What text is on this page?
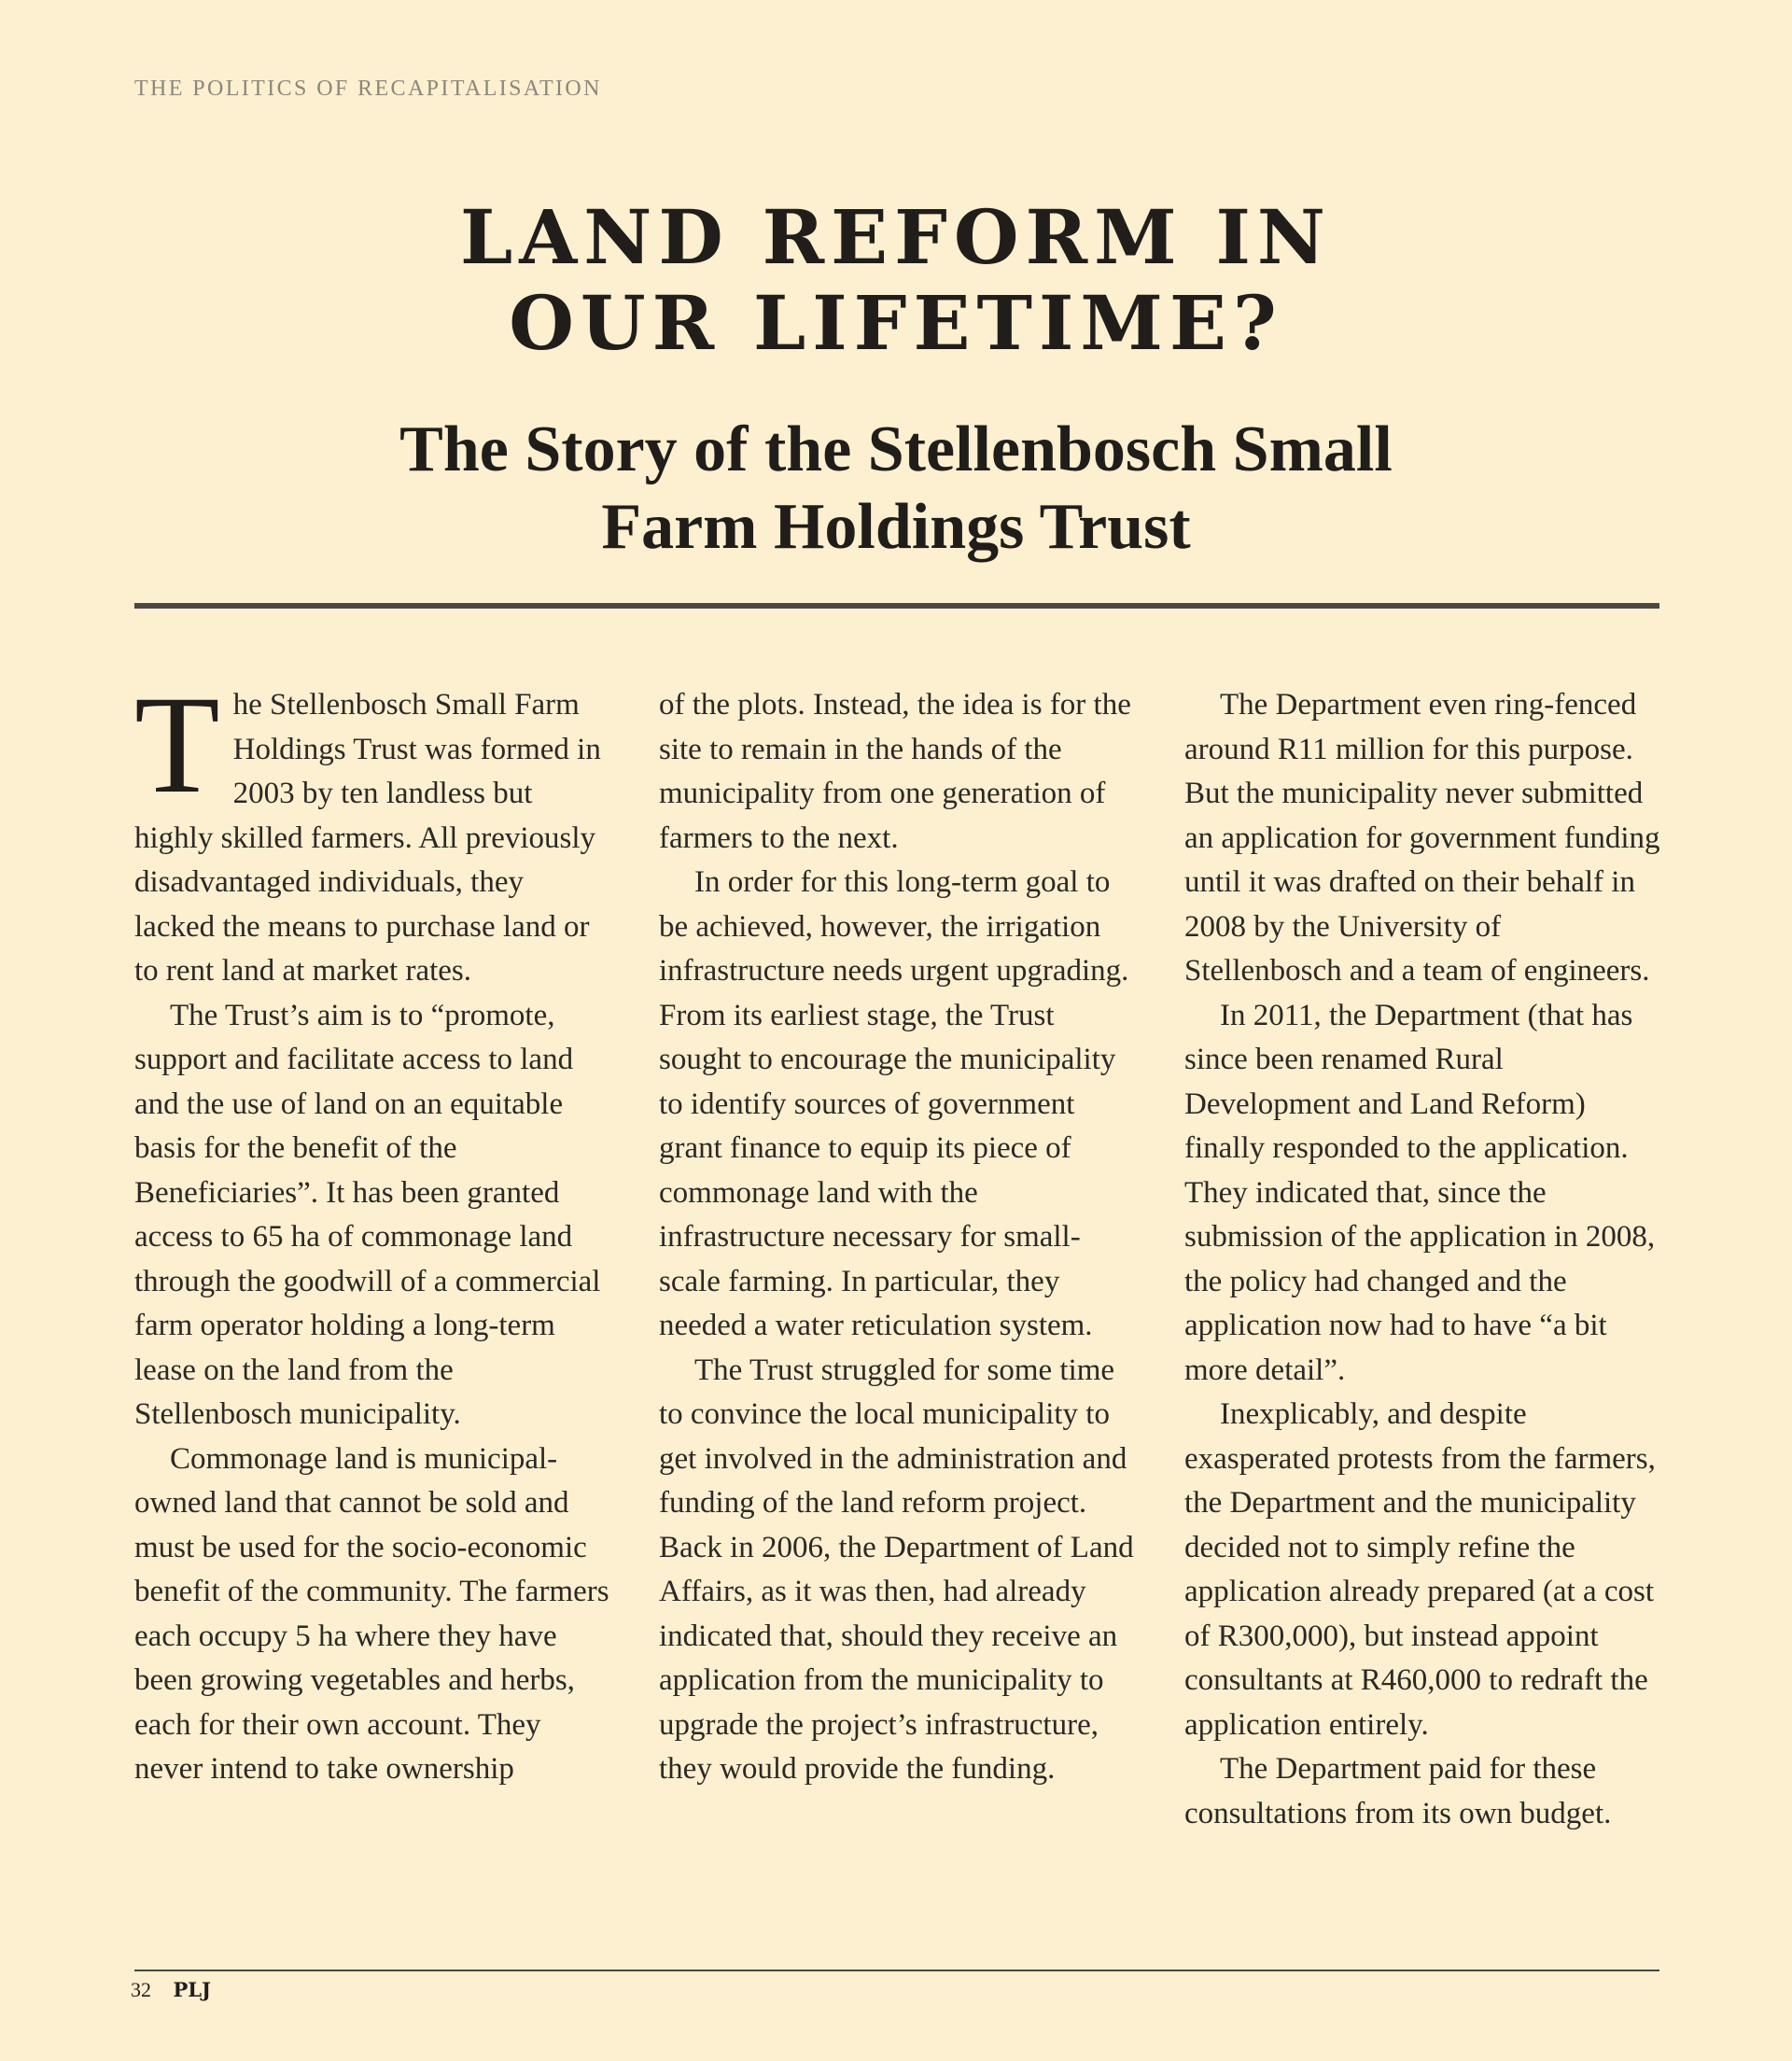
THE POLITICS OF RECAPITALISATION
LAND REFORM IN
OUR LIFETIME?
The Story of the Stellenbosch Small
Farm Holdings Trust

The Stellenbosch Small Farm Holdings Trust was formed in 2003 by ten landless but highly skilled farmers. All previously disadvantaged individuals, they lacked the means to purchase land or to rent land at market rates.

The Trust’s aim is to “promote, support and facilitate access to land and the use of land on an equitable basis for the benefit of the Beneficiaries”. It has been granted access to 65 ha of commonage land through the goodwill of a commercial farm operator holding a long-term lease on the land from the Stellenbosch municipality.

Commonage land is municipal-owned land that cannot be sold and must be used for the socio-economic benefit of the community. The farmers each occupy 5 ha where they have been growing vegetables and herbs, each for their own account. They never intend to take ownership

of the plots. Instead, the idea is for the site to remain in the hands of the municipality from one generation of farmers to the next.

In order for this long-term goal to be achieved, however, the irrigation infrastructure needs urgent upgrading. From its earliest stage, the Trust sought to encourage the municipality to identify sources of government grant finance to equip its piece of commonage land with the infrastructure necessary for small-scale farming. In particular, they needed a water reticulation system.

The Trust struggled for some time to convince the local municipality to get involved in the administration and funding of the land reform project. Back in 2006, the Department of Land Affairs, as it was then, had already indicated that, should they receive an application from the municipality to upgrade the project’s infrastructure, they would provide the funding.

The Department even ring-fenced around R11 million for this purpose. But the municipality never submitted an application for government funding until it was drafted on their behalf in 2008 by the University of Stellenbosch and a team of engineers.

In 2011, the Department (that has since been renamed Rural Development and Land Reform) finally responded to the application. They indicated that, since the submission of the application in 2008, the policy had changed and the application now had to have “a bit more detail”.

Inexplicably, and despite exasperated protests from the farmers, the Department and the municipality decided not to simply refine the application already prepared (at a cost of R300,000), but instead appoint consultants at R460,000 to redraft the application entirely.

The Department paid for these consultations from its own budget.

32 PLJ
